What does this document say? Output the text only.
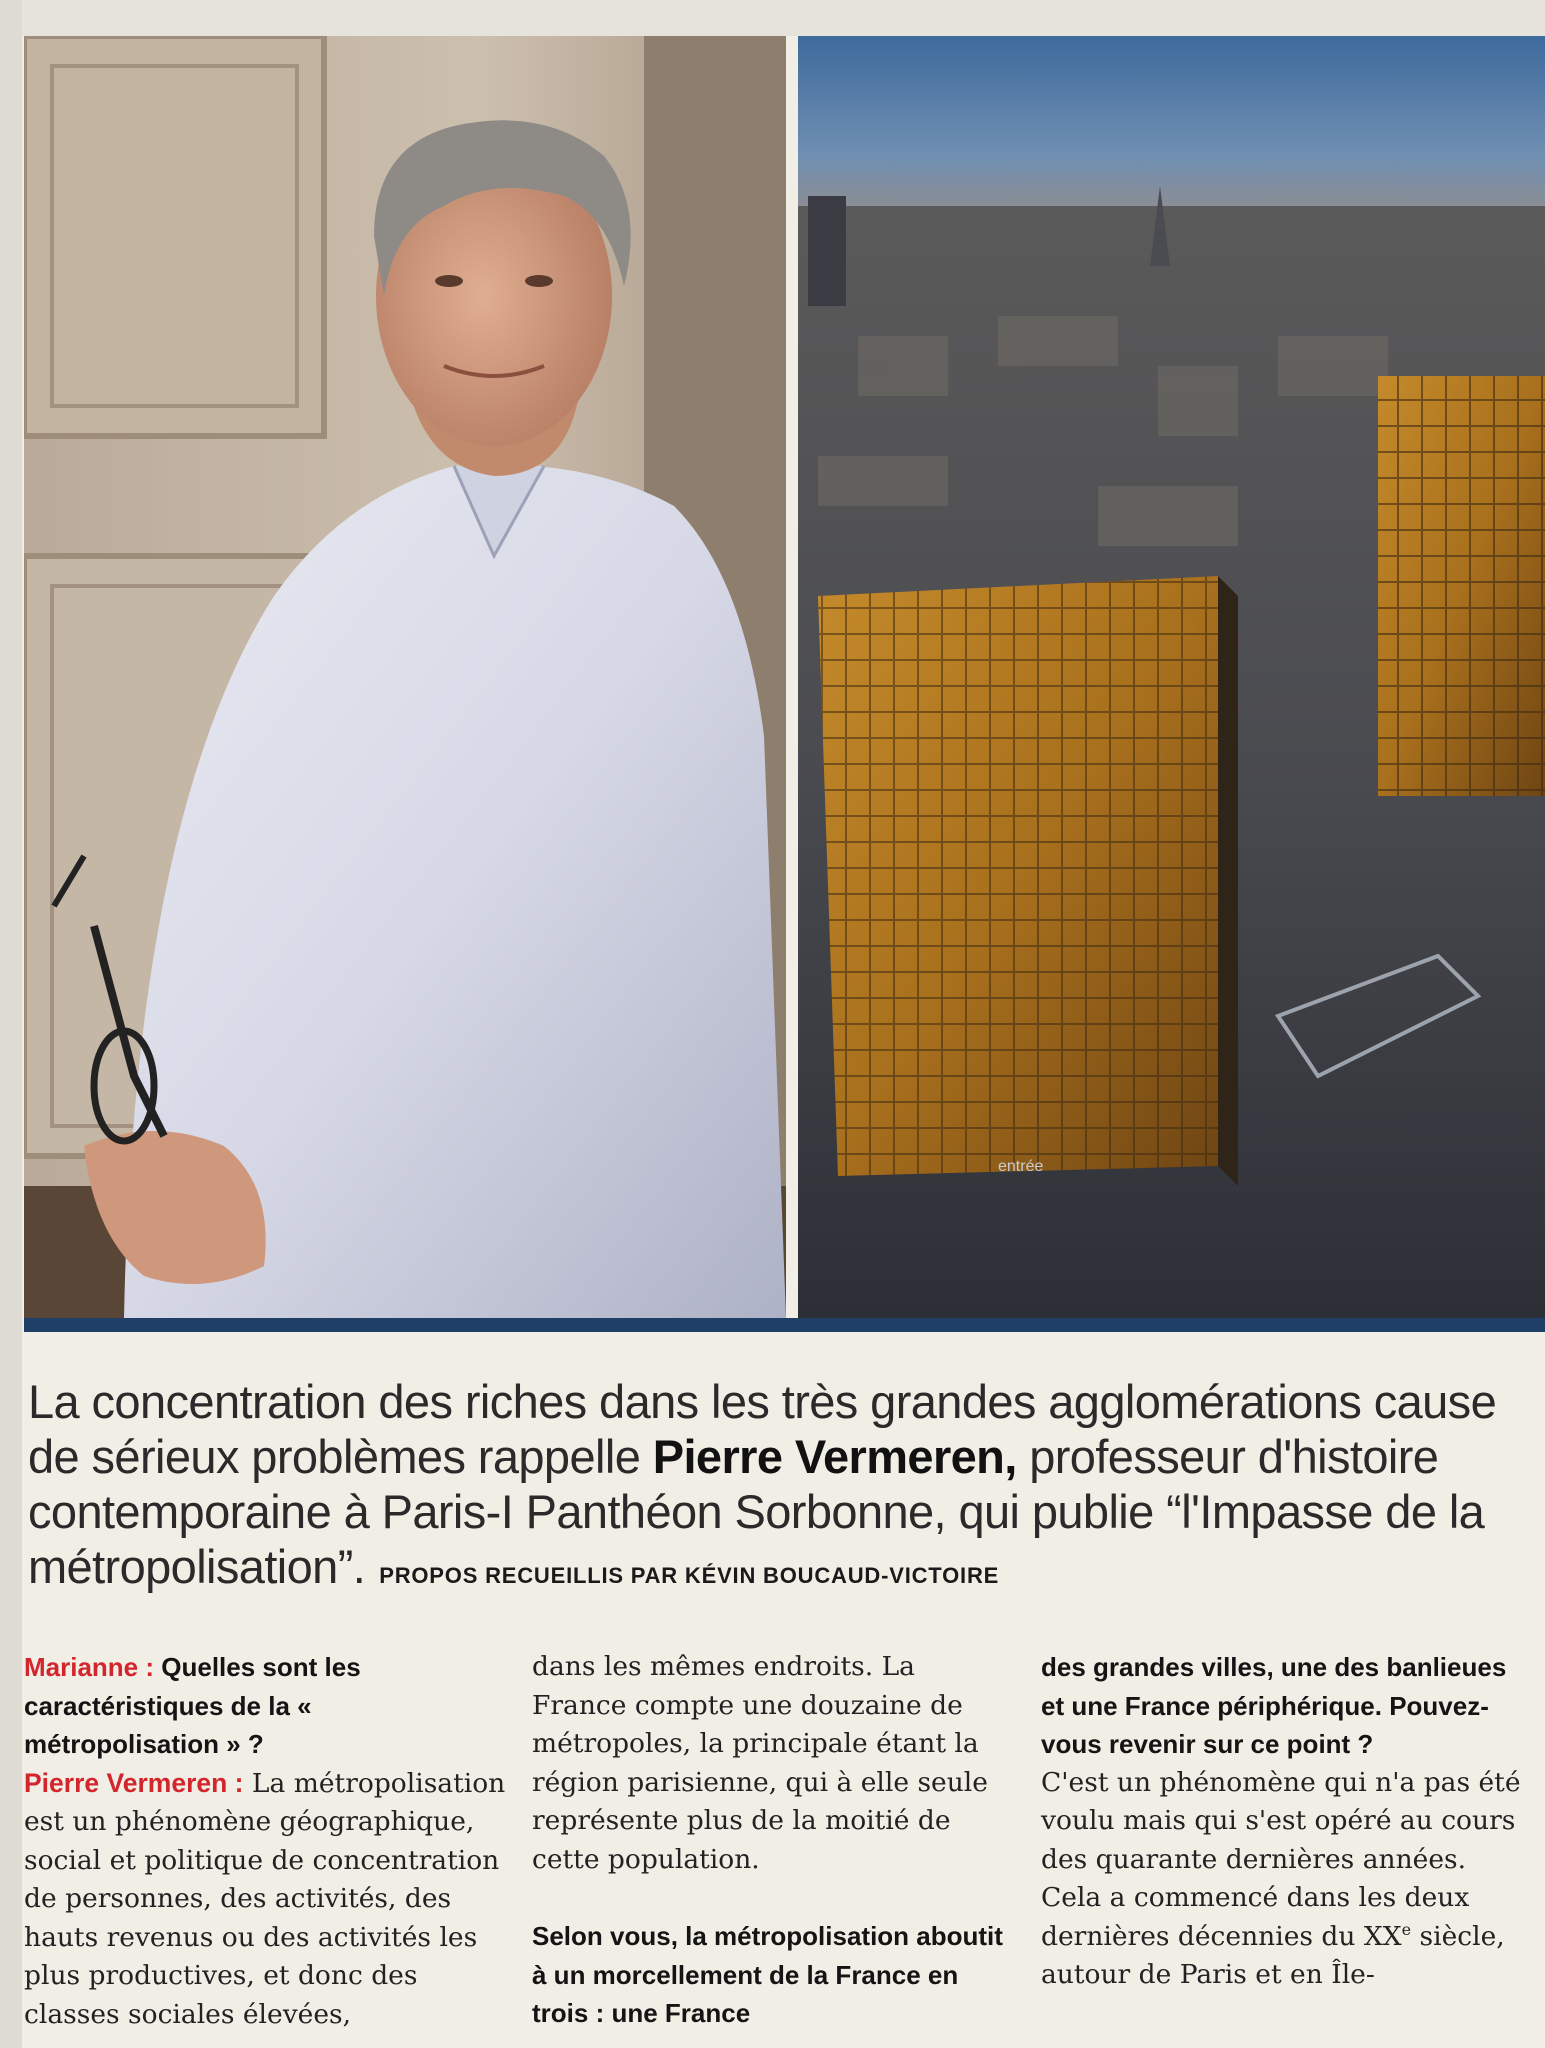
entrée
La concentration des riches dans les très grandes agglomérations cause de sérieux problèmes rappelle Pierre Vermeren, professeur d'histoire contemporaine à Paris-I Panthéon Sorbonne, qui publie “l'Impasse de la métropolisation”. PROPOS RECUEILLIS PAR KÉVIN BOUCAUD-VICTOIRE

Marianne : Quelles sont les caractéristiques de la « métropolisation » ?

Pierre Vermeren : La métropolisation est un phénomène géographique, social et politique de concentration de personnes, des activités, des hauts revenus ou des activités les plus productives, et donc des classes sociales élevées,

dans les mêmes endroits. La France compte une douzaine de métropoles, la principale étant la région parisienne, qui à elle seule représente plus de la moitié de cette population.

Selon vous, la métropolisation aboutit à un morcellement de la France en trois : une France

des grandes villes, une des banlieues et une France périphérique. Pouvez-vous revenir sur ce point ?

C'est un phénomène qui n'a pas été voulu mais qui s'est opéré au cours des quarante dernières années. Cela a commencé dans les deux dernières décennies du XXe siècle, autour de Paris et en Île-
